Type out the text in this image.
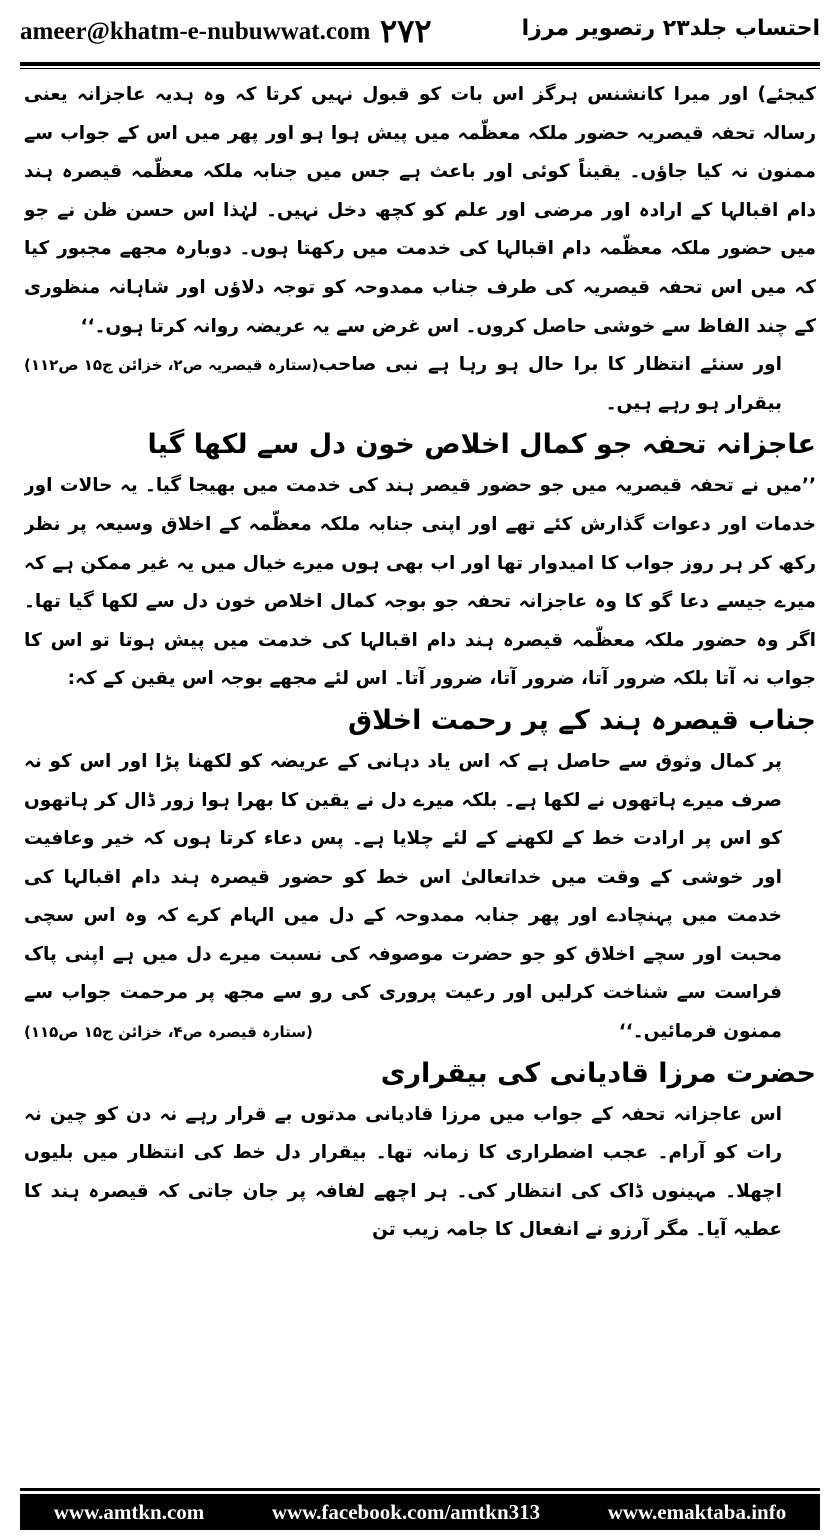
ameer@khatm-e-nubuwwat.com ۲۷۲	احتساب جلد۲۳ رتصویر مرزا

کیجئے) اور میرا کانشنس ہرگز اس بات کو قبول نہیں کرتا کہ وہ ہدیہ عاجزانہ یعنی رسالہ تحفہ قیصریہ حضور ملکہ معظّمہ میں پیش ہوا ہو اور پھر میں اس کے جواب سے ممنون نہ کیا جاؤں۔ یقیناً کوئی اور باعث ہے جس میں جنابہ ملکہ معظّمہ قیصرہ ہند دام اقبالہا کے ارادہ اور مرضی اور علم کو کچھ دخل نہیں۔ لہٰذا اس حسن ظن نے جو میں حضور ملکہ معظّمہ دام اقبالہا کی خدمت میں رکھتا ہوں۔ دوبارہ مجھے مجبور کیا کہ میں اس تحفہ قیصریہ کی طرف جناب ممدوحہ کو توجہ دلاؤں اور شاہانہ منظوری کے چند الفاظ سے خوشی حاصل کروں۔ اس غرض سے یہ عریضہ روانہ کرتا ہوں۔‘‘
(ستارہ قیصریہ ص۲، خزائن ج۱۵ ص۱۱۲) اور سنئے انتظار کا برا حال ہو رہا ہے نبی صاحب بیقرار ہو رہے ہیں۔

عاجزانہ تحفہ جو کمال اخلاص خون دل سے لکھا گیا

’’میں نے تحفہ قیصریہ میں جو حضور قیصر ہند کی خدمت میں بھیجا گیا۔ یہ حالات اور خدمات اور دعوات گذارش کئے تھے اور اپنی جنابہ ملکہ معظّمہ کے اخلاق وسیعہ پر نظر رکھ کر ہر روز جواب کا امیدوار تھا اور اب بھی ہوں میرے خیال میں یہ غیر ممکن ہے کہ میرے جیسے دعا گو کا وہ عاجزانہ تحفہ جو بوجہ کمال اخلاص خون دل سے لکھا گیا تھا۔ اگر وہ حضور ملکہ معظّمہ قیصرہ ہند دام اقبالہا کی خدمت میں پیش ہوتا تو اس کا جواب نہ آتا بلکہ ضرور آتا، ضرور آتا، ضرور آتا۔ اس لئے مجھے بوجہ اس یقین کے کہ:

جناب قیصرہ ہند کے پر رحمت اخلاق

پر کمال وثوق سے حاصل ہے کہ اس یاد دہانی کے عریضہ کو لکھنا پڑا اور اس کو نہ صرف میرے ہاتھوں نے لکھا ہے۔ بلکہ میرے دل نے یقین کا بھرا ہوا زور ڈال کر ہاتھوں کو اس پر ارادت خط کے لکھنے کے لئے چلایا ہے۔ پس دعاء کرتا ہوں کہ خیر وعافیت اور خوشی کے وقت میں خداتعالیٰ اس خط کو حضور قیصرہ ہند دام اقبالہا کی خدمت میں پہنچادے اور پھر جنابہ ممدوحہ کے دل میں الہام کرے کہ وہ اس سچی محبت اور سچے اخلاق کو جو حضرت موصوفہ کی نسبت میرے دل میں ہے اپنی پاک فراست سے شناخت کرلیں اور رعیت پروری کی رو سے مجھ پر مرحمت جواب سے ممنون فرمائیں۔‘‘
(ستارہ قیصرہ ص۴، خزائن ج۱۵ ص۱۱۵)

حضرت مرزا قادیانی کی بیقراری

اس عاجزانہ تحفہ کے جواب میں مرزا قادیانی مدتوں بے قرار رہے نہ دن کو چین نہ رات کو آرام۔ عجب اضطراری کا زمانہ تھا۔ بیقرار دل خط کی انتظار میں بلیوں اچھلا۔ مہینوں ڈاک کی انتظار کی۔ ہر اچھے لفافہ پر جان جاتی کہ قیصرہ ہند کا عطیہ آیا۔ مگر آرزو نے انفعال کا جامہ زیب تن

www.amtkn.com	www.facebook.com/amtkn313	www.emaktaba.info
